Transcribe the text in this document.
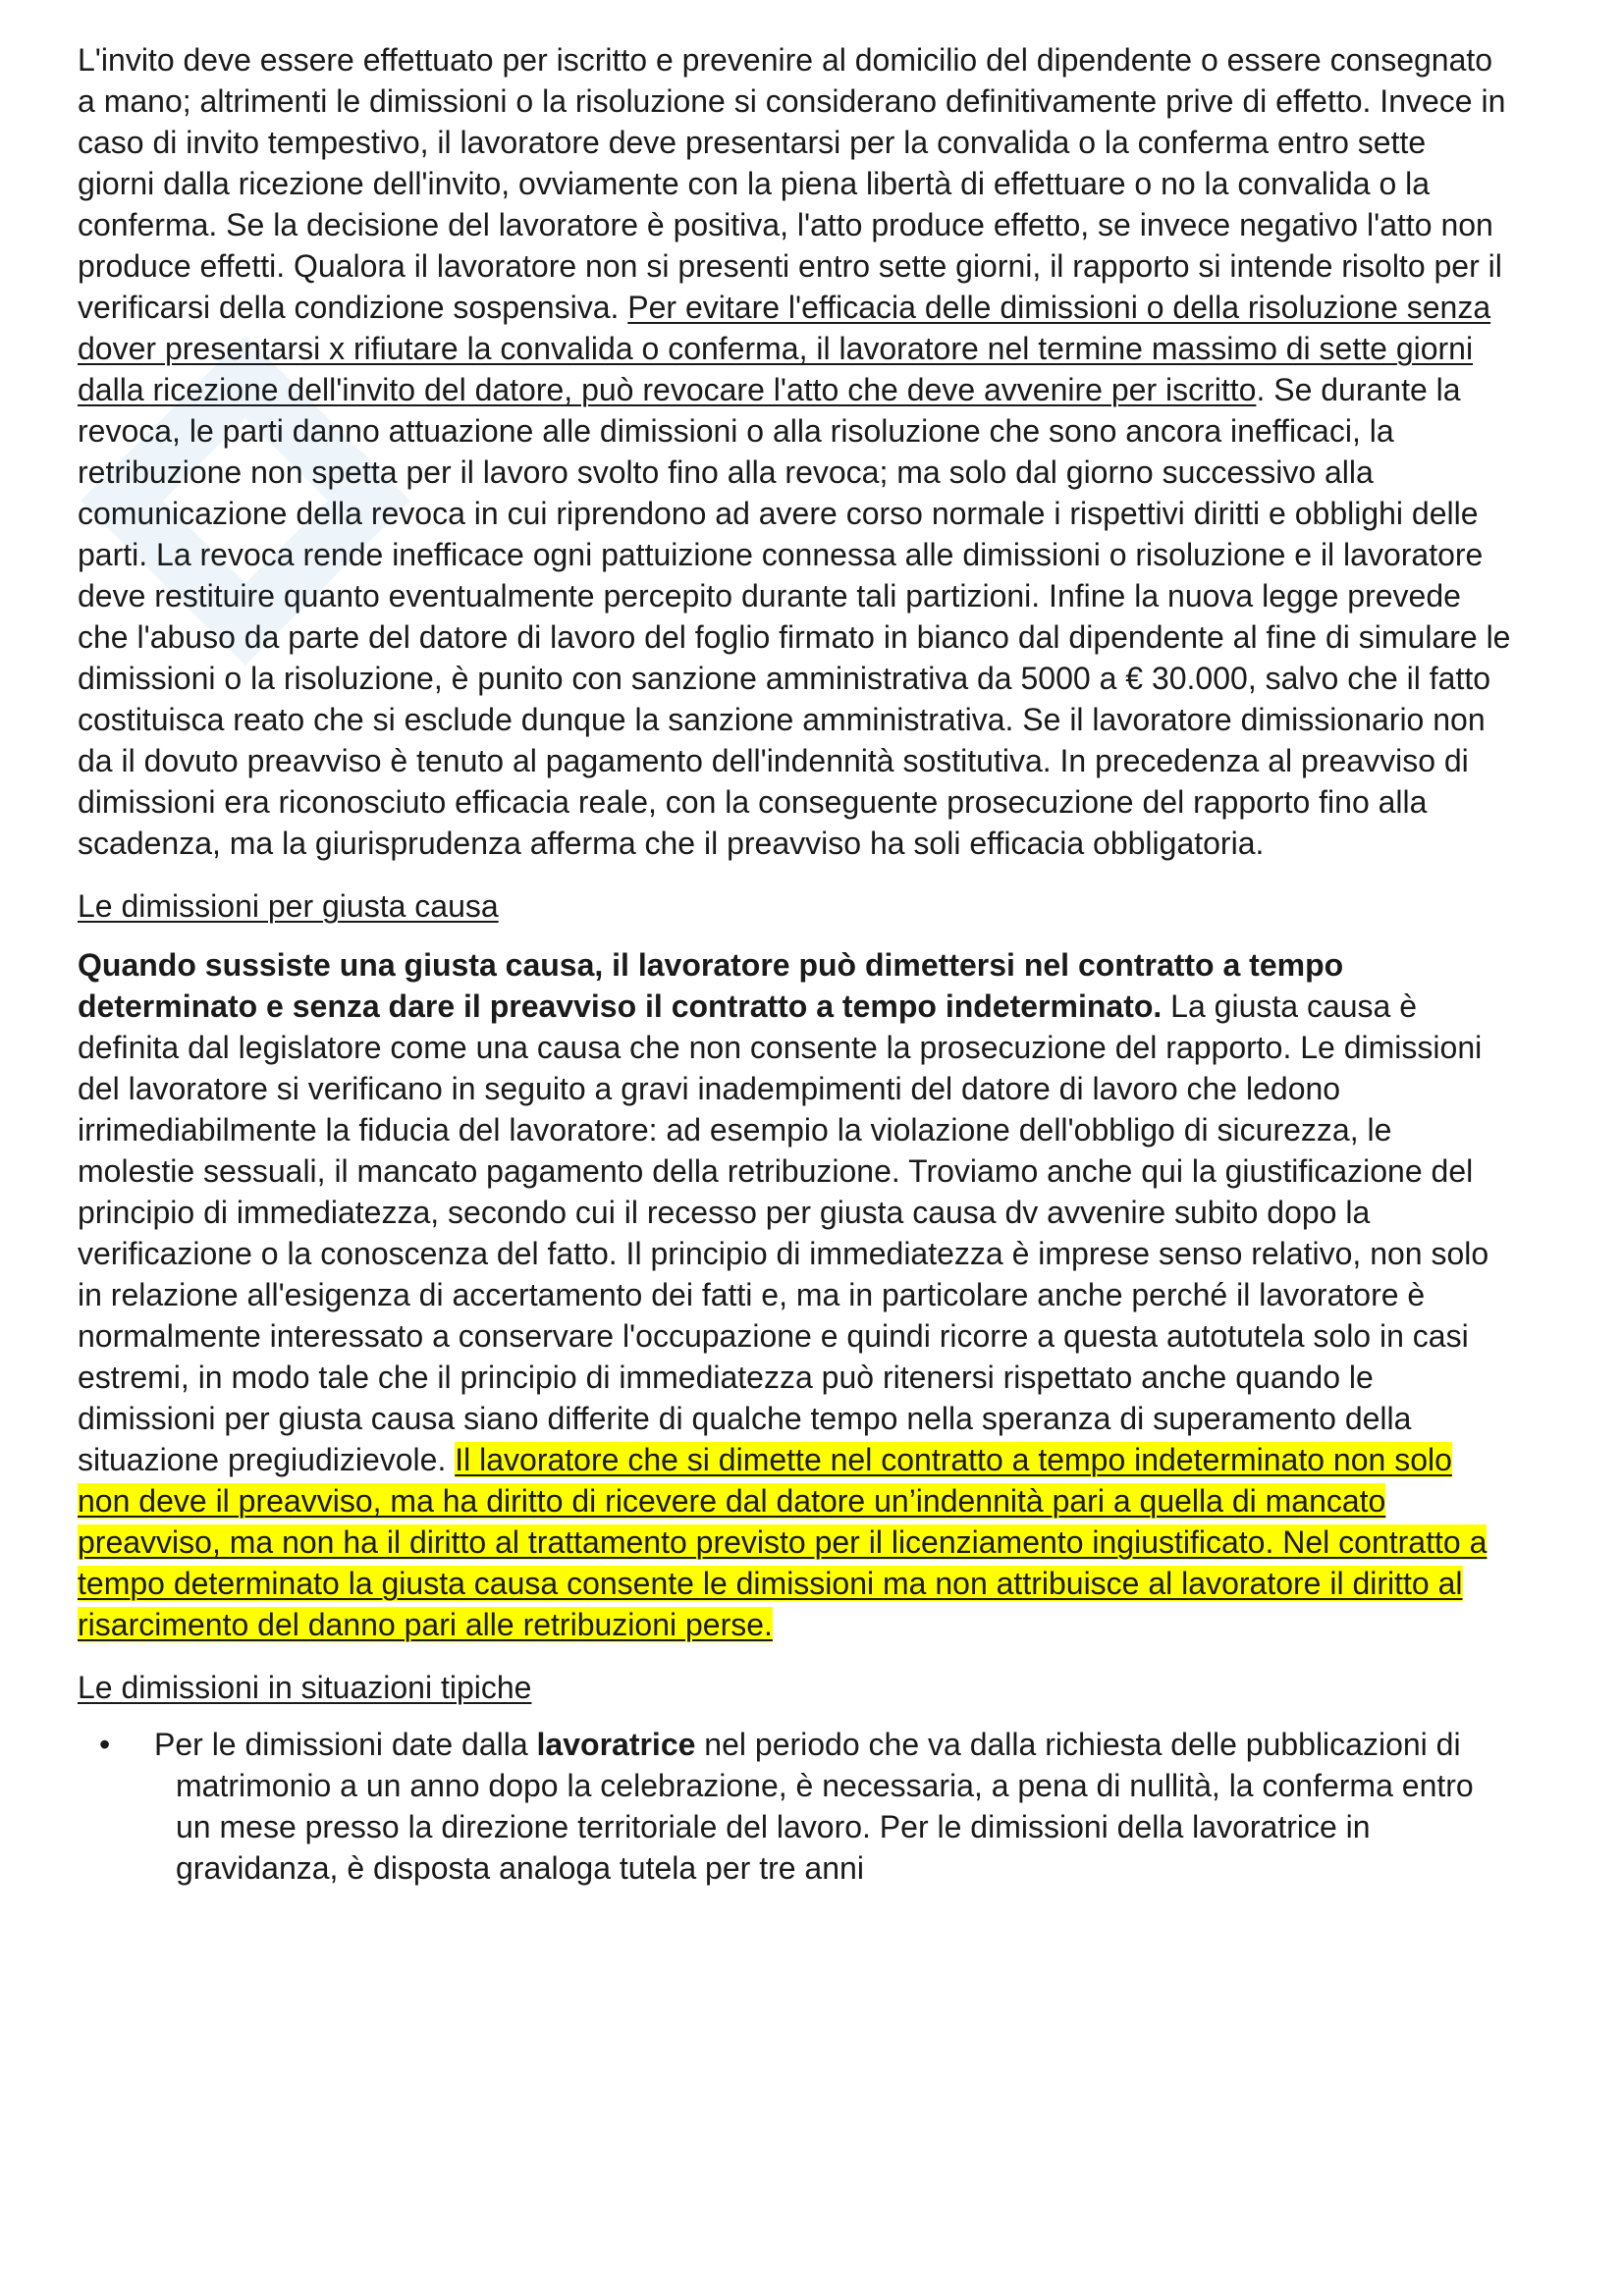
L'invito deve essere effettuato per iscritto e prevenire al domicilio del dipendente o essere consegnato a mano; altrimenti le dimissioni o la risoluzione si considerano definitivamente prive di effetto. Invece in caso di invito tempestivo, il lavoratore deve presentarsi per la convalida o la conferma entro sette giorni dalla ricezione dell'invito, ovviamente con la piena libertà di effettuare o no la convalida o la conferma. Se la decisione del lavoratore è positiva, l'atto produce effetto, se invece negativo l'atto non produce effetti. Qualora il lavoratore non si presenti entro sette giorni, il rapporto si intende risolto per il verificarsi della condizione sospensiva. Per evitare l'efficacia delle dimissioni o della risoluzione senza dover presentarsi x rifiutare la convalida o conferma, il lavoratore nel termine massimo di sette giorni dalla ricezione dell'invito del datore, può revocare l'atto che deve avvenire per iscritto. Se durante la revoca, le parti danno attuazione alle dimissioni o alla risoluzione che sono ancora inefficaci, la retribuzione non spetta per il lavoro svolto fino alla revoca; ma solo dal giorno successivo alla comunicazione della revoca in cui riprendono ad avere corso normale i rispettivi diritti e obblighi delle parti. La revoca rende inefficace ogni pattuizione connessa alle dimissioni o risoluzione e il lavoratore deve restituire quanto eventualmente percepito durante tali partizioni. Infine la nuova legge prevede che l'abuso da parte del datore di lavoro del foglio firmato in bianco dal dipendente al fine di simulare le dimissioni o la risoluzione, è punito con sanzione amministrativa da 5000 a € 30.000, salvo che il fatto costituisca reato che si esclude dunque la sanzione amministrativa. Se il lavoratore dimissionario non da il dovuto preavviso è tenuto al pagamento dell'indennità sostitutiva. In precedenza al preavviso di dimissioni era riconosciuto efficacia reale, con la conseguente prosecuzione del rapporto fino alla scadenza, ma la giurisprudenza afferma che il preavviso ha soli efficacia obbligatoria.

Le dimissioni per giusta causa

Quando sussiste una giusta causa, il lavoratore può dimettersi nel contratto a tempo determinato e senza dare il preavviso il contratto a tempo indeterminato. La giusta causa è definita dal legislatore come una causa che non consente la prosecuzione del rapporto. Le dimissioni del lavoratore si verificano in seguito a gravi inadempimenti del datore di lavoro che ledono irrimediabilmente la fiducia del lavoratore: ad esempio la violazione dell'obbligo di sicurezza, le molestie sessuali, il mancato pagamento della retribuzione. Troviamo anche qui la giustificazione del principio di immediatezza, secondo cui il recesso per giusta causa dv avvenire subito dopo la verificazione o la conoscenza del fatto. Il principio di immediatezza è imprese senso relativo, non solo in relazione all'esigenza di accertamento dei fatti e, ma in particolare anche perché il lavoratore è normalmente interessato a conservare l'occupazione e quindi ricorre a questa autotutela solo in casi estremi, in modo tale che il principio di immediatezza può ritenersi rispettato anche quando le dimissioni per giusta causa siano differite di qualche tempo nella speranza di superamento della situazione pregiudizievole. Il lavoratore che si dimette nel contratto a tempo indeterminato non solo non deve il preavviso, ma ha diritto di ricevere dal datore un’indennità pari a quella di mancato preavviso, ma non ha il diritto al trattamento previsto per il licenziamento ingiustificato. Nel contratto a tempo determinato la giusta causa consente le dimissioni ma non attribuisce al lavoratore il diritto al risarcimento del danno pari alle retribuzioni perse.

Le dimissioni in situazioni tipiche

• Per le dimissioni date dalla lavoratrice nel periodo che va dalla richiesta delle pubblicazioni di matrimonio a un anno dopo la celebrazione, è necessaria, a pena di nullità, la conferma entro un mese presso la direzione territoriale del lavoro. Per le dimissioni della lavoratrice in gravidanza, è disposta analoga tutela per tre anni
